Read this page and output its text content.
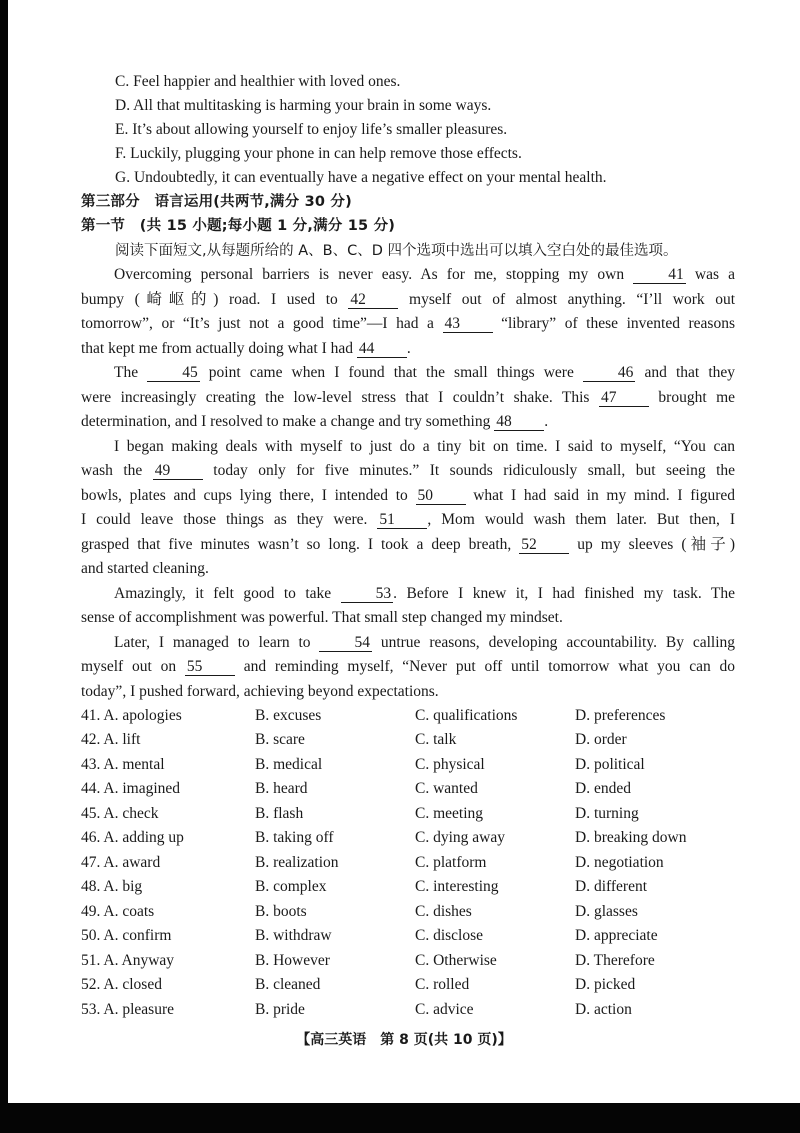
C. Feel happier and healthier with loved ones.
D. All that multitasking is harming your brain in some ways.
E. It’s about allowing yourself to enjoy life’s smaller pleasures.
F. Luckily, plugging your phone in can help remove those effects.
G. Undoubtedly, it can eventually have a negative effect on your mental health.
第三部分　语言运用(共两节,满分 30 分)
第一节　(共 15 小题;每小题 1 分,满分 15 分)
阅读下面短文,从每题所给的 A、B、C、D 四个选项中选出可以填入空白处的最佳选项。
Overcoming personal barriers is never easy. As for me, stopping my own	41 was a
bumpy (崎岖的) road. I used to 42	myself out of almost anything. “I’ll work out
tomorrow”, or “It’s just not a good time”—I had a 43	“library” of these invented reasons
that kept me from actually doing what I had 44 .
The	45 point came when I found that the small things were	46 and that they
were increasingly creating the low-level stress that I couldn’t shake. This 47	brought me
determination, and I resolved to make a change and try something 48 .
I began making deals with myself to just do a tiny bit on time. I said to myself, “You can
wash the 49	today only for five minutes.” It sounds ridiculously small, but seeing the
bowls, plates and cups lying there, I intended to 50	what I had said in my mind. I figured
I could leave those things as they were. 51 , Mom would wash them later. But then, I
grasped that five minutes wasn’t so long. I took a deep breath, 52	up my sleeves (袖子)
and started cleaning.
Amazingly, it felt good to take	53 . Before I knew it, I had finished my task. The
sense of accomplishment was powerful. That small step changed my mindset.
Later, I managed to learn to	54 untrue reasons, developing accountability. By calling
myself out on 55	and reminding myself, “Never put off until tomorrow what you can do
today”, I pushed forward, achieving beyond expectations.
41. A. apologies	B. excuses	C. qualifications	D. preferences
42. A. lift	B. scare	C. talk	D. order
43. A. mental	B. medical	C. physical	D. political
44. A. imagined	B. heard	C. wanted	D. ended
45. A. check	B. flash	C. meeting	D. turning
46. A. adding up	B. taking off	C. dying away	D. breaking down
47. A. award	B. realization	C. platform	D. negotiation
48. A. big	B. complex	C. interesting	D. different
49. A. coats	B. boots	C. dishes	D. glasses
50. A. confirm	B. withdraw	C. disclose	D. appreciate
51. A. Anyway	B. However	C. Otherwise	D. Therefore
52. A. closed	B. cleaned	C. rolled	D. picked
53. A. pleasure	B. pride	C. advice	D. action
【高三英语　第 8 页(共 10 页)】
